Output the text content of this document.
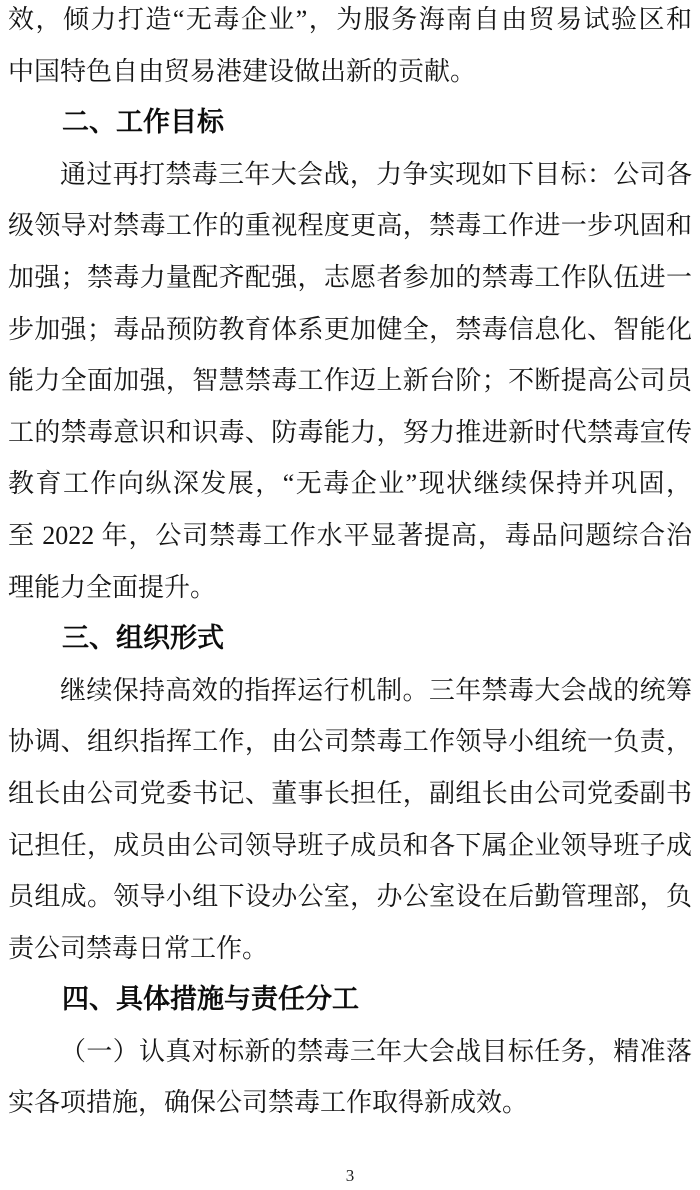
效，倾力打造“无毒企业”，为服务海南自由贸易试验区和
中国特色自由贸易港建设做出新的贡献。
二、工作目标
通过再打禁毒三年大会战，力争实现如下目标：公司各
级领导对禁毒工作的重视程度更高，禁毒工作进一步巩固和
加强；禁毒力量配齐配强，志愿者参加的禁毒工作队伍进一
步加强；毒品预防教育体系更加健全，禁毒信息化、智能化
能力全面加强，智慧禁毒工作迈上新台阶；不断提高公司员
工的禁毒意识和识毒、防毒能力，努力推进新时代禁毒宣传
教育工作向纵深发展，“无毒企业”现状继续保持并巩固，
至 2022 年，公司禁毒工作水平显著提高，毒品问题综合治
理能力全面提升。
三、组织形式
继续保持高效的指挥运行机制。三年禁毒大会战的统筹
协调、组织指挥工作，由公司禁毒工作领导小组统一负责，
组长由公司党委书记、董事长担任，副组长由公司党委副书
记担任，成员由公司领导班子成员和各下属企业领导班子成
员组成。领导小组下设办公室，办公室设在后勤管理部，负
责公司禁毒日常工作。
四、具体措施与责任分工
（一）认真对标新的禁毒三年大会战目标任务，精准落
实各项措施，确保公司禁毒工作取得新成效。
3
